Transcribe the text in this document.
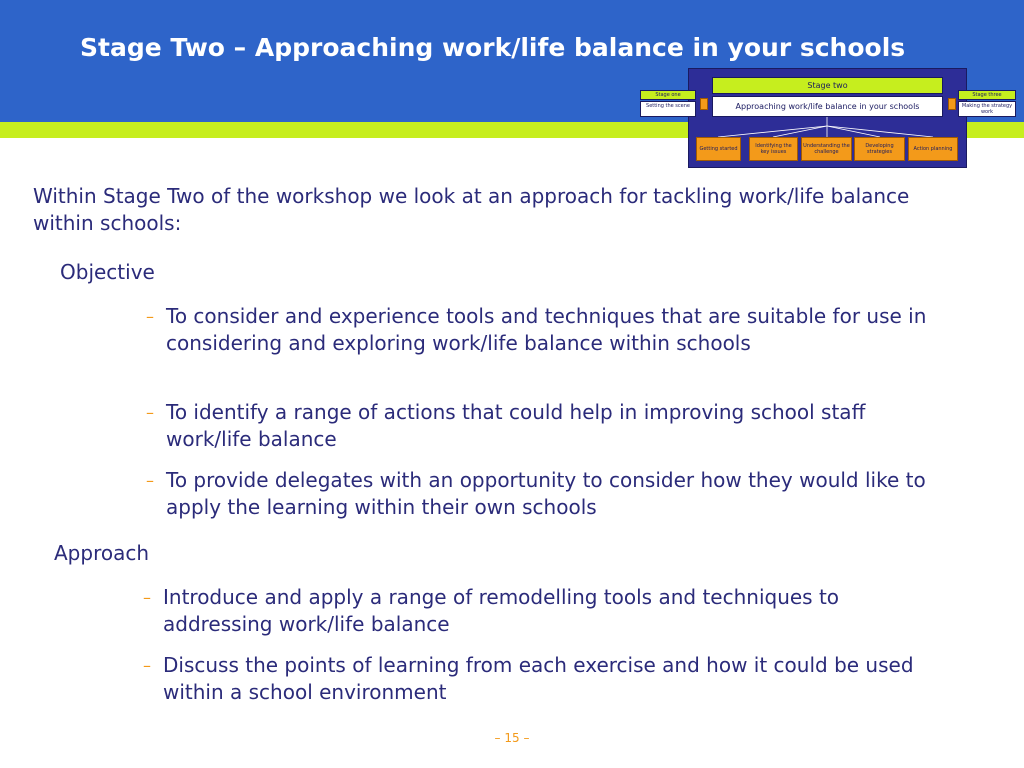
Stage Two – Approaching work/life balance in your schools
Stage two
Approaching work/life balance in your schools
Stage one
Setting the scene
Stage three
Making the strategy work
Getting started	Identifying the key issues
Understanding the challenge
Developing strategies	Action planning

Within Stage Two of the workshop we look at an approach for tackling work/life balance within schools:

Objective
– To consider and experience tools and techniques that are suitable for use in considering and exploring work/life balance within schools

– To identify a range of actions that could help in improving school staff work/life balance

– To provide delegates with an opportunity to consider how they would like to apply the learning within their own schools

Approach
– Introduce and apply a range of remodelling tools and techniques to addressing work/life balance

– Discuss the points of learning from each exercise and how it could be used within a school environment

– 15 –
